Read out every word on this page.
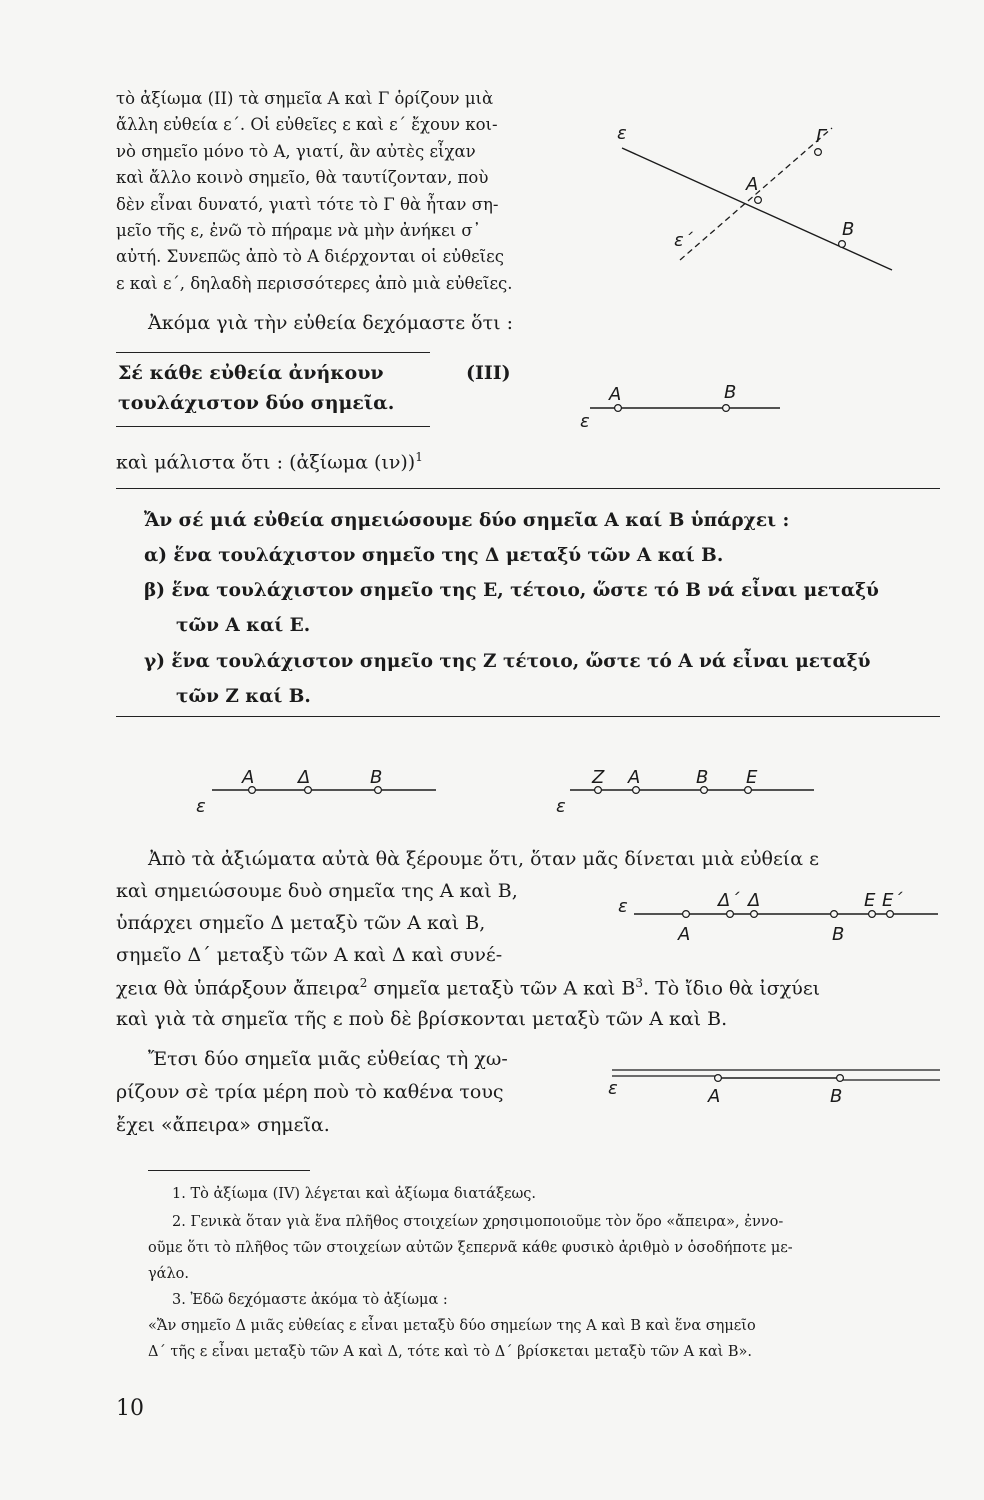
τὸ ἀξίωμα (ΙΙ) τὰ σημεῖα Α καὶ Γ ὁρίζουν μιὰ
ἄλλη εὐθεία ε΄. Οἱ εὐθεῖες ε καὶ ε΄ ἔχουν κοι-
νὸ σημεῖο μόνο τὸ Α, γιατί, ἂν αὐτὲς εἶχαν
καὶ ἄλλο κοινὸ σημεῖο, θὰ ταυτίζονταν, ποὺ
δὲν εἶναι δυνατό, γιατὶ τότε τὸ Γ θὰ ἦταν ση-
μεῖο τῆς ε, ἐνῶ τὸ πήραμε νὰ μὴν ἀνήκει σ᾽
αὐτή. Συνεπῶς ἀπὸ τὸ Α διέρχονται οἱ εὐθεῖες
ε καὶ ε΄, δηλαδὴ περισσότερες ἀπὸ μιὰ εὐθεῖες.
ε	Γ
Α
ε΄
Β
Ἀκόμα γιὰ τὴν εὐθεία δεχόμαστε ὅτι :
Σέ κάθε εὐθεία ἀνήκουν
τουλάχιστον δύο σημεῖα.
(ΙΙΙ)
Α	Β
ε
καὶ μάλιστα ὅτι : (ἀξίωμα (ιν))$^1$
Ἄν σέ μιά εὐθεία σημειώσουμε δύο σημεῖα Α καί Β ὑπάρχει :
α) ἕνα τουλάχιστον σημεῖο της Δ μεταξύ τῶν Α καί Β.
β) ἕνα τουλάχιστον σημεῖο της Ε, τέτοιο, ὥστε τό Β νά εἶναι μεταξύ
τῶν Α καί Ε.
γ) ἕνα τουλάχιστον σημεῖο της Ζ τέτοιο, ὥστε τό Α νά εἶναι μεταξύ
τῶν Ζ καί Β.
Α Δ	Β
ε
Ζ Α	Β Ε
ε
Ἀπὸ τὰ ἀξιώματα αὐτὰ θὰ ξέρουμε ὅτι, ὅταν μᾶς δίνεται μιὰ εὐθεία ε
καὶ σημειώσουμε δυὸ σημεῖα της Α καὶ Β,
ὑπάρχει σημεῖο Δ μεταξὺ τῶν Α καὶ Β,
σημεῖο Δ΄ μεταξὺ τῶν Α καὶ Δ καὶ συνέ-
χεια θὰ ὑπάρξουν ἄπειρα$^2$ σημεῖα μεταξὺ τῶν Α καὶ $B^3$. Τὸ ἴδιο θὰ ἰσχύει
καὶ γιὰ τὰ σημεῖα τῆς ε ποὺ δὲ βρίσκονται μεταξὺ τῶν Α καὶ Β.
ε	Δ΄ Δ	Ε Ε΄
Α	Β
Ἔτσι δύο σημεῖα μιᾶς εὐθείας τὴ χω-
ρίζουν σὲ τρία μέρη ποὺ τὸ καθένα τους
ἔχει «ἄπειρα» σημεῖα.
ε	Α	Β
1. Τὸ ἀξίωμα (IV) λέγεται καὶ ἀξίωμα διατάξεως.
2. Γενικὰ ὅταν γιὰ ἕνα πλῆθος στοιχείων χρησιμοποιοῦμε τὸν ὅρο «ἄπειρα», ἐννο-
οῦμε ὅτι τὸ πλῆθος τῶν στοιχείων αὐτῶν ξεπερνᾶ κάθε φυσικὸ ἀριθμὸ ν ὁσοδήποτε με-
γάλο.
3. Ἐδῶ δεχόμαστε ἀκόμα τὸ ἀξίωμα :
«Ἄν σημεῖο Δ μιᾶς εὐθείας ε εἶναι μεταξὺ δύο σημείων της Α καὶ Β καὶ ἕνα σημεῖο
Δ΄ τῆς ε εἶναι μεταξὺ τῶν Α καὶ Δ, τότε καὶ τὸ Δ΄ βρίσκεται μεταξὺ τῶν Α καὶ Β».
10
